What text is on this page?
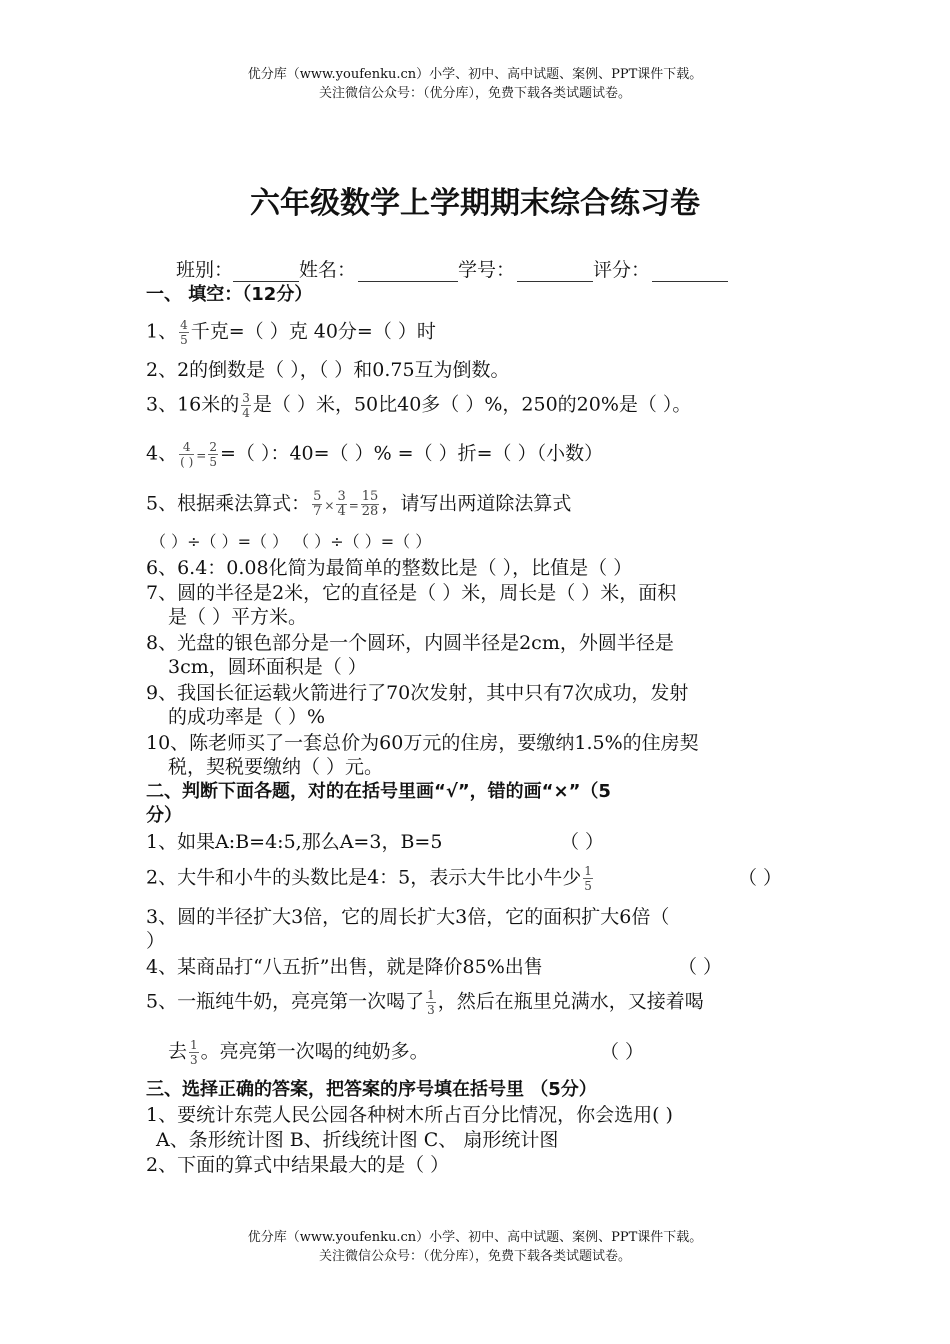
优分库（www.youfenku.cn）小学、初中、高中试题、案例、PPT课件下载。
关注微信公众号：（优分库），免费下载各类试题试卷。
六年级数学上学期期末综合练习卷
班别：	姓名：	学号：	评分：
一、 填空：（12分）
1、 $\frac{4}{5}$ 千克=（ ）克 40分=（ ）时
2、2的倒数是（ ），（ ）和0.75互为倒数。
3、16米的 $\frac{3}{4}$ 是（ ）米，50比40多（ ）%，250的20%是（ ）。
4、 $\frac{4}{( )} = \frac{2}{5}$ =（ ）：40=（ ）% =（ ）折=（ ）（小数）
5、根据乘法算式： $\frac{5}{7} \times \frac{3}{4} = \frac{15}{28}$ ，请写出两道除法算式
（ ）÷（ ）=（ ） （ ）÷（ ）=（ ）
6、6.4：0.08化简为最简单的整数比是（ ），比值是（ ）
7、圆的半径是2米，它的直径是（ ）米，周长是（ ）米，面积
是（ ）平方米。
8、光盘的银色部分是一个圆环，内圆半径是2cm，外圆半径是
3cm，圆环面积是（ ）
9、我国长征运载火箭进行了70次发射，其中只有7次成功，发射
的成功率是（ ）%
10、陈老师买了一套总价为60万元的住房，要缴纳1.5%的住房契
税，契税要缴纳（ ）元。
二、判断下面各题，对的在括号里画“√”，错的画“×”（5
分）
1、如果A:B=4:5,那么A=3，B=5	（ ）
2、大牛和小牛的头数比是4：5，表示大牛比小牛少 $\frac{1}{5}$	（ ）
3、圆的半径扩大3倍，它的周长扩大3倍，它的面积扩大6倍（
）
4、某商品打“八五折”出售，就是降价85%出售	（ ）
5、一瓶纯牛奶，亮亮第一次喝了 $\frac{1}{3}$ ，然后在瓶里兑满水，又接着喝
去 $\frac{1}{3}$ 。亮亮第一次喝的纯奶多。	（ ）
三、选择正确的答案，把答案的序号填在括号里 （5分）
1、要统计东莞人民公园各种树木所占百分比情况，你会选用( )
A、条形统计图 B、折线统计图 C、 扇形统计图
2、下面的算式中结果最大的是（ ）
优分库（www.youfenku.cn）小学、初中、高中试题、案例、PPT课件下载。
关注微信公众号：（优分库），免费下载各类试题试卷。
